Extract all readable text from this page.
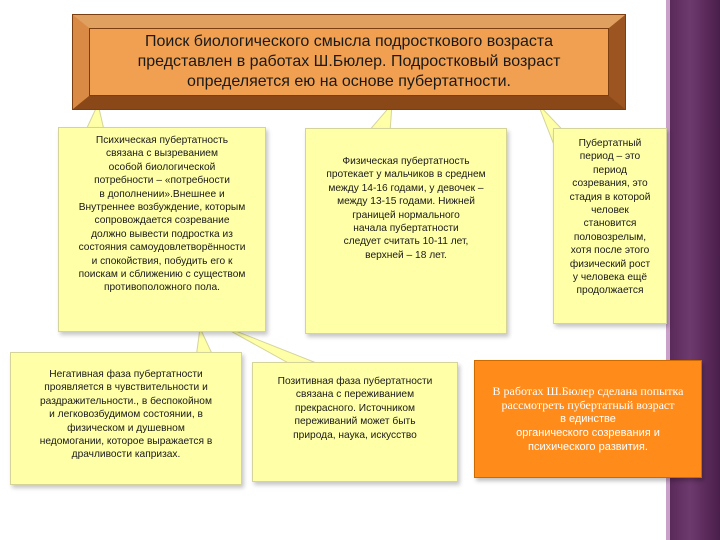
Поиск биологического смысла подросткового возраста
представлен в работах Ш.Бюлер. Подростковый возраст
определяется ею на основе пубертатности.
Психическая пубертатность
связана с вызреванием
особой биологической
потребности – «потребности
в дополнении».Внешнее и
Внутреннее возбуждение, которым
сопровождается созревание
должно вывести подростка из
состояния самоудовлетворённости
и спокойствия, побудить его к
поискам и сближению с существом
противоположного пола.
Физическая пубертатность
протекает у мальчиков в среднем
между 14-16 годами, у девочек –
между 13-15 годами. Нижней
границей нормального
начала пубертатности
следует считать 10-11 лет,
верхней – 18 лет.
Пубертатный
период – это
период
созревания, это
стадия в которой
человек
становится
половозрелым,
хотя после этого
физический рост
у человека ещё
продолжается
Негативная фаза пубертатности
проявляется в чувствительности и
раздражительности., в беспокойном
и легковозбудимом состоянии, в
физическом и душевном
недомогании, которое выражается в
драчливости капризах.
Позитивная фаза пубертатности
связана с переживанием
прекрасного. Источником
переживаний может быть
природа, наука, искусство
В работах Ш.Бюлер сделана попытка
рассмотреть пубертатный возраст
в единстве
органического созревания и
психического развития.
